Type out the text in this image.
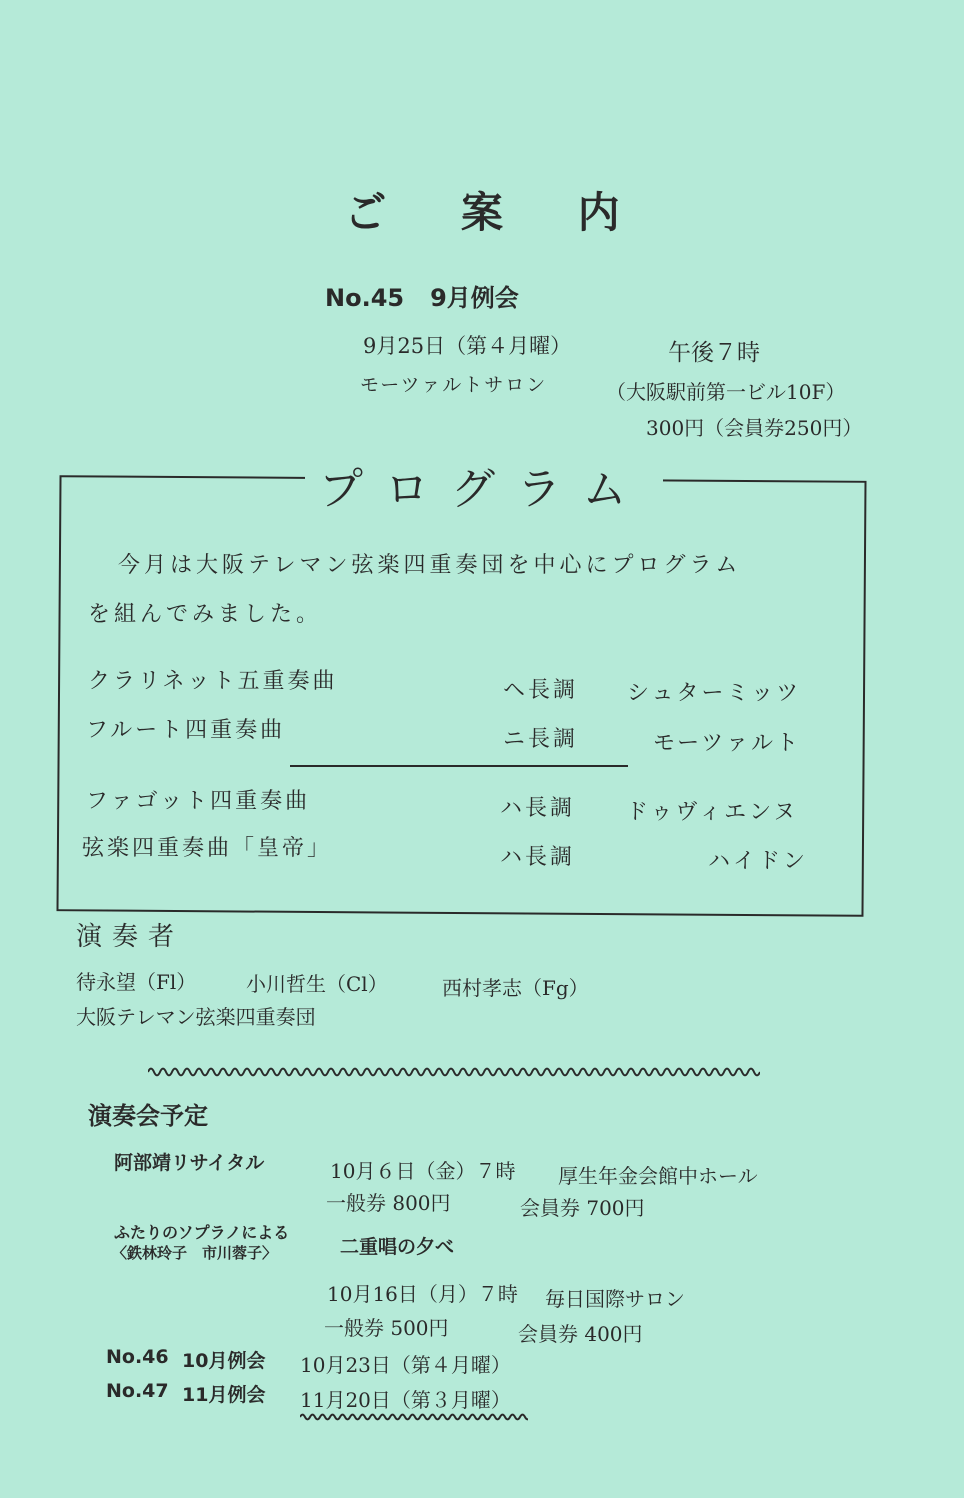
ご 案 内
No.45 9月例会
9月25日（第４月曜）	午後７時
モーツァルトサロン	（大阪駅前第一ビル10F）
300円（会員券250円）
プログラム
今月は大阪テレマン弦楽四重奏団を中心にプログラム
を組んでみました。
クラリネット五重奏曲	ヘ長調 シュターミッツ
フルート四重奏曲	ニ長調	モーツァルト
ファゴット四重奏曲	ハ長調 ドゥヴィエンヌ
弦楽四重奏曲「皇帝」	ハ長調	ハイドン
演奏者
待永望（Fl） 小川哲生（Cl）	西村孝志（Fg）
大阪テレマン弦楽四重奏団
演奏会予定
阿部靖リサイタル	10月６日（金）７時 厚生年金会館中ホール
一般券 800円	会員券 700円
ふたりのソプラノによる
〈鉄林玲子　市川蓉子〉	二重唱の夕べ
10月16日（月）７時 毎日国際サロン
一般券 500円	会員券 400円
No.46 10月例会 10月23日（第４月曜）
No.47 11月例会 11月20日（第３月曜）
